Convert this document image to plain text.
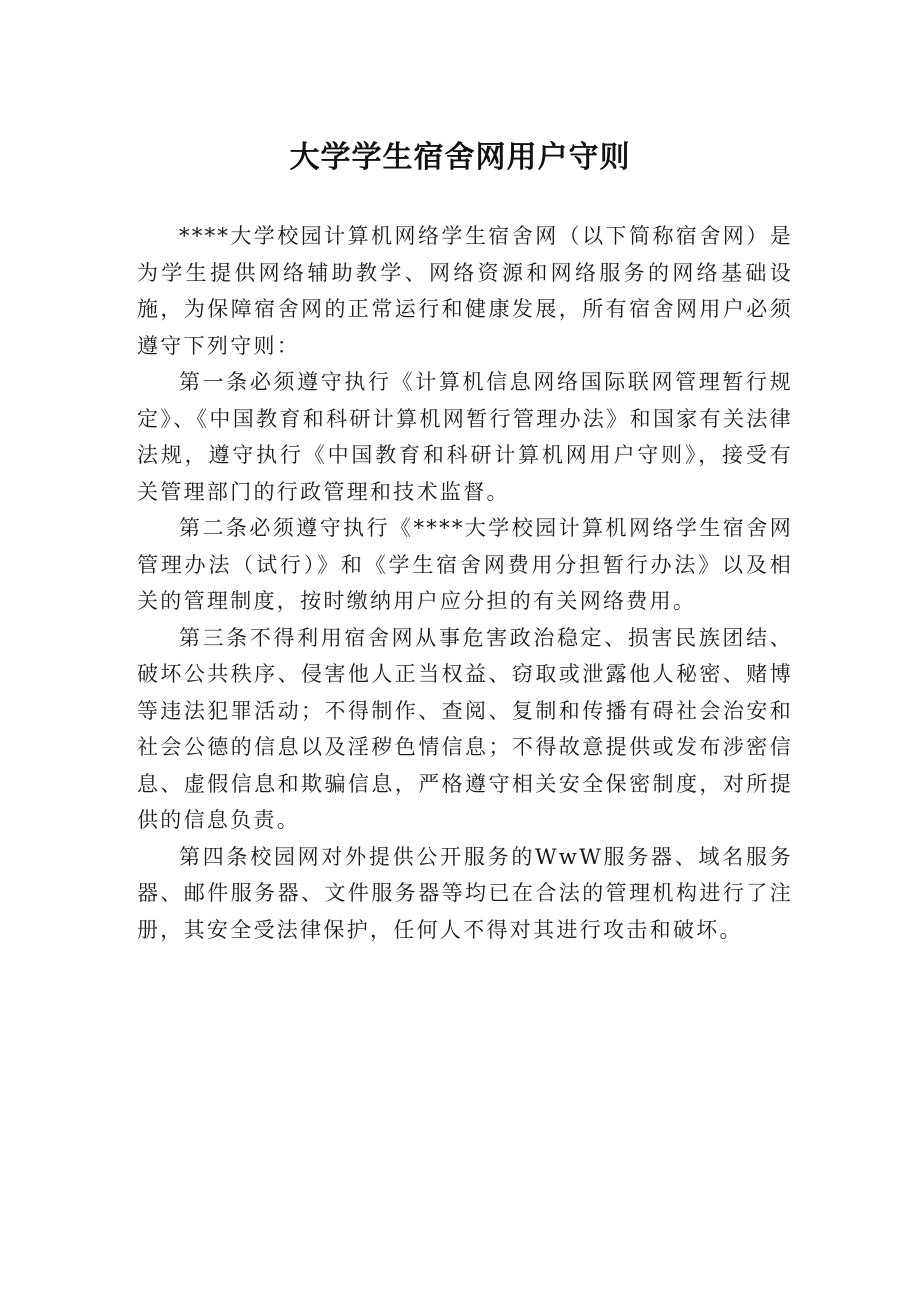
大学学生宿舍网用户守则

****大学校园计算机网络学生宿舍网（以下简称宿舍网）是为学生提供网络辅助教学、网络资源和网络服务的网络基础设施，为保障宿舍网的正常运行和健康发展，所有宿舍网用户必须遵守下列守则：

第一条必须遵守执行《计算机信息网络国际联网管理暂行规定》、《中国教育和科研计算机网暂行管理办法》和国家有关法律法规，遵守执行《中国教育和科研计算机网用户守则》，接受有关管理部门的行政管理和技术监督。

第二条必须遵守执行《****大学校园计算机网络学生宿舍网管理办法（试行）》和《学生宿舍网费用分担暂行办法》以及相关的管理制度，按时缴纳用户应分担的有关网络费用。

第三条不得利用宿舍网从事危害政治稳定、损害民族团结、破坏公共秩序、侵害他人正当权益、窃取或泄露他人秘密、赌博等违法犯罪活动；不得制作、查阅、复制和传播有碍社会治安和社会公德的信息以及淫秽色情信息；不得故意提供或发布涉密信息、虚假信息和欺骗信息，严格遵守相关安全保密制度，对所提供的信息负责。

第四条校园网对外提供公开服务的WwW服务器、域名服务器、邮件服务器、文件服务器等均已在合法的管理机构进行了注册，其安全受法律保护，任何人不得对其进行攻击和破坏。
